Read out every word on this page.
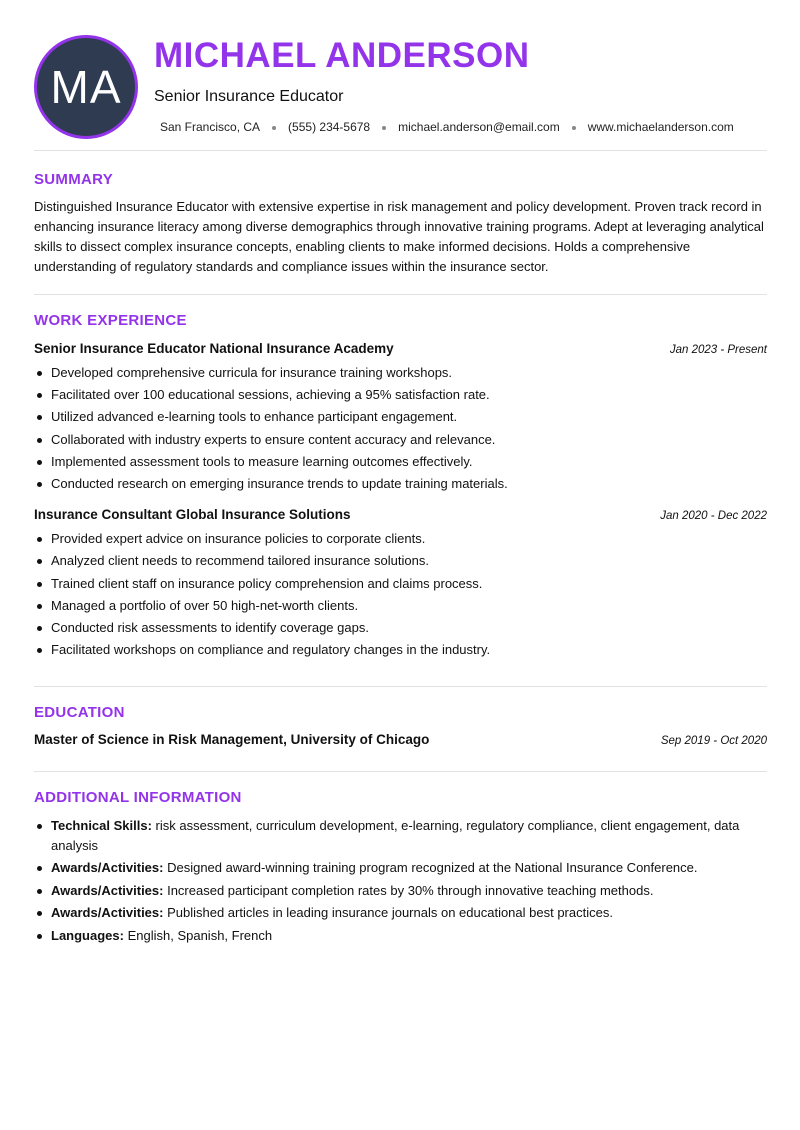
MA
MICHAEL ANDERSON
Senior Insurance Educator
San Francisco, CA (555) 234-5678 michael.anderson@email.com www.michaelanderson.com
SUMMARY

Distinguished Insurance Educator with extensive expertise in risk management and policy development. Proven track record in enhancing insurance literacy among diverse demographics through innovative training programs. Adept at leveraging analytical skills to dissect complex insurance concepts, enabling clients to make informed decisions. Holds a comprehensive understanding of regulatory standards and compliance issues within the insurance sector.

WORK EXPERIENCE
Senior Insurance Educator National Insurance Academy	Jan 2023 - Present
Developed comprehensive curricula for insurance training workshops.
Facilitated over 100 educational sessions, achieving a 95% satisfaction rate.
Utilized advanced e-learning tools to enhance participant engagement.
Collaborated with industry experts to ensure content accuracy and relevance.
Implemented assessment tools to measure learning outcomes effectively.
Conducted research on emerging insurance trends to update training materials.
Insurance Consultant Global Insurance Solutions	Jan 2020 - Dec 2022
Provided expert advice on insurance policies to corporate clients.
Analyzed client needs to recommend tailored insurance solutions.
Trained client staff on insurance policy comprehension and claims process.
Managed a portfolio of over 50 high-net-worth clients.
Conducted risk assessments to identify coverage gaps.
Facilitated workshops on compliance and regulatory changes in the industry.
EDUCATION
Master of Science in Risk Management, University of Chicago	Sep 2019 - Oct 2020
ADDITIONAL INFORMATION
Technical Skills: risk assessment, curriculum development, e-learning, regulatory compliance, client engagement, data analysis
Awards/Activities: Designed award-winning training program recognized at the National Insurance Conference.
Awards/Activities: Increased participant completion rates by 30% through innovative teaching methods.
Awards/Activities: Published articles in leading insurance journals on educational best practices.
Languages: English, Spanish, French
